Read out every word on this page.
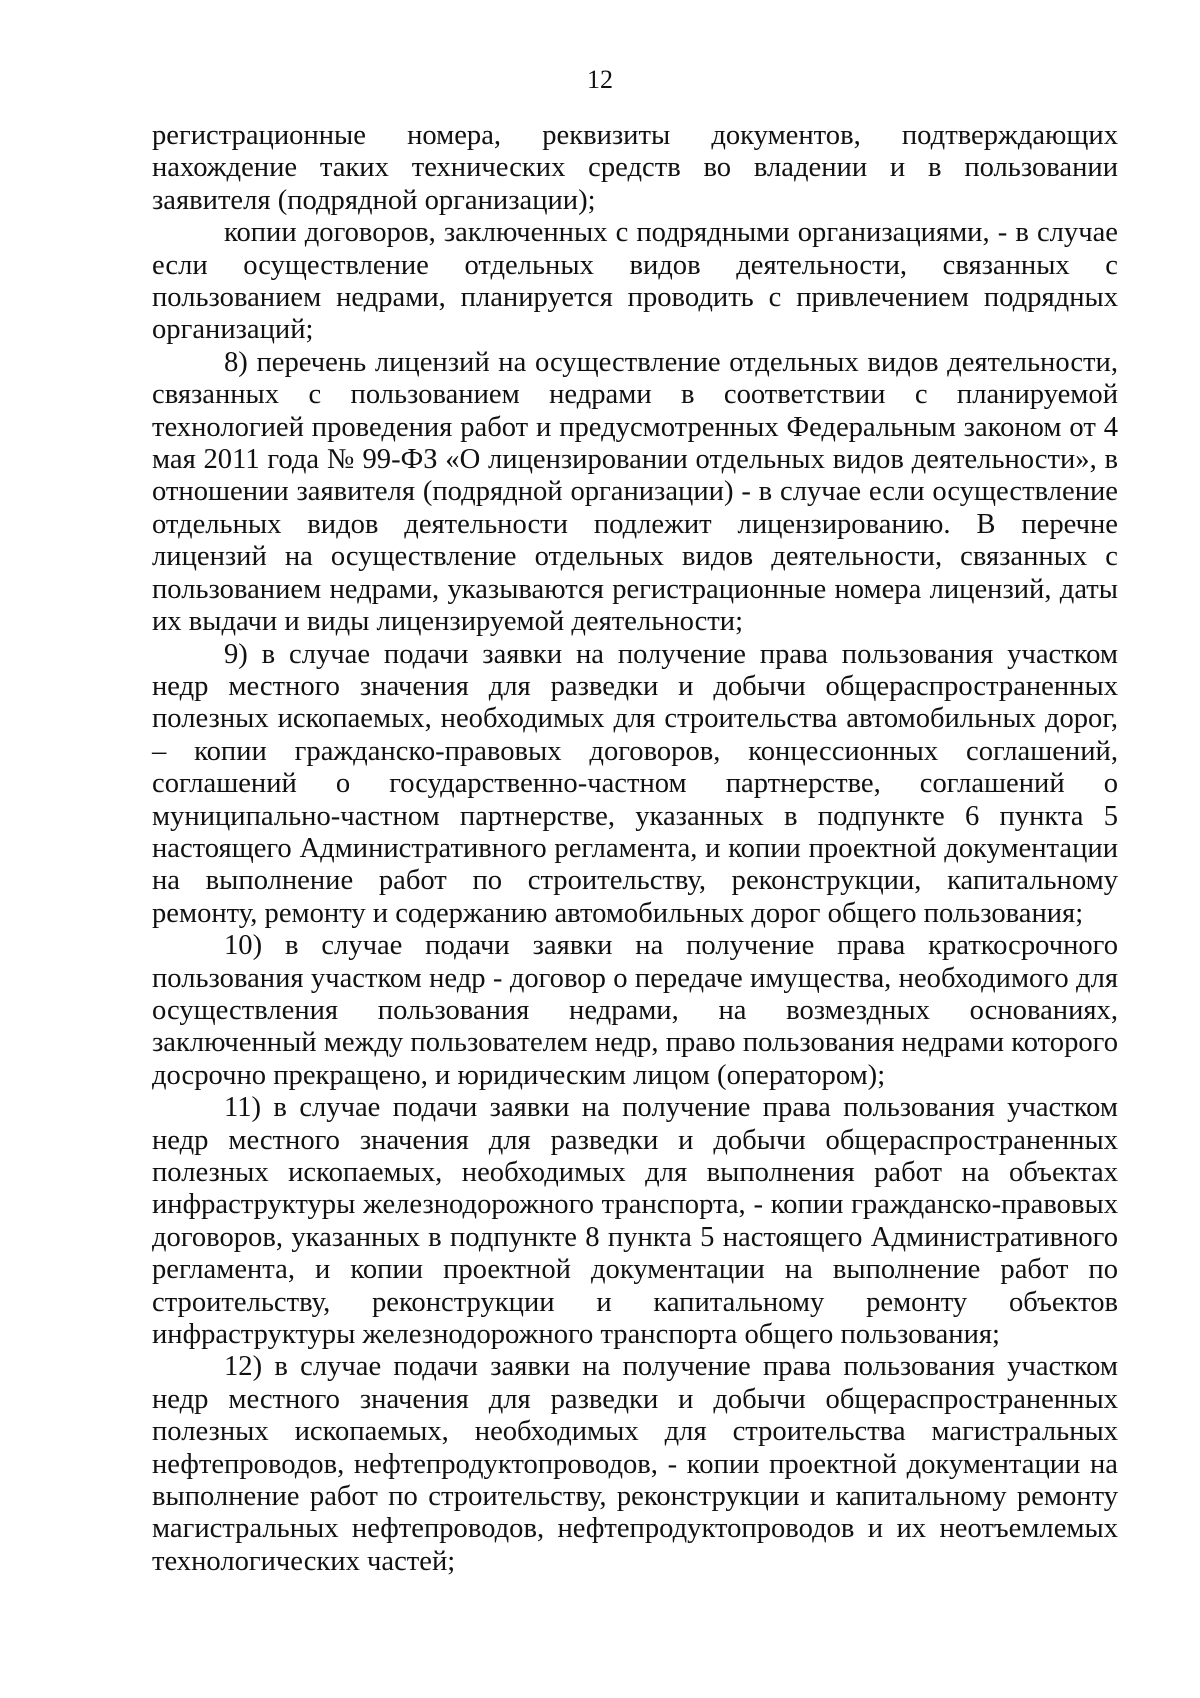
12

регистрационные номера, реквизиты документов, подтверждающих нахождение таких технических средств во владении и в пользовании заявителя (подрядной организации);

копии договоров, заключенных с подрядными организациями, - в случае если осуществление отдельных видов деятельности, связанных с пользованием недрами, планируется проводить с привлечением подрядных организаций;

8) перечень лицензий на осуществление отдельных видов деятельности, связанных с пользованием недрами в соответствии с планируемой технологией проведения работ и предусмотренных Федеральным законом от 4 мая 2011 года № 99-ФЗ «О лицензировании отдельных видов деятельности», в отношении заявителя (подрядной организации) - в случае если осуществление отдельных видов деятельности подлежит лицензированию. В перечне лицензий на осуществление отдельных видов деятельности, связанных с пользованием недрами, указываются регистрационные номера лицензий, даты их выдачи и виды лицензируемой деятельности;

9) в случае подачи заявки на получение права пользования участком недр местного значения для разведки и добычи общераспространенных полезных ископаемых, необходимых для строительства автомобильных дорог, – копии гражданско-правовых договоров, концессионных соглашений, соглашений о государственно-частном партнерстве, соглашений о муниципально-частном партнерстве, указанных в подпункте 6 пункта 5 настоящего Административного регламента, и копии проектной документации на выполнение работ по строительству, реконструкции, капитальному ремонту, ремонту и содержанию автомобильных дорог общего пользования;

10) в случае подачи заявки на получение права краткосрочного пользования участком недр - договор о передаче имущества, необходимого для осуществления пользования недрами, на возмездных основаниях, заключенный между пользователем недр, право пользования недрами которого досрочно прекращено, и юридическим лицом (оператором);

11) в случае подачи заявки на получение права пользования участком недр местного значения для разведки и добычи общераспространенных полезных ископаемых, необходимых для выполнения работ на объектах инфраструктуры железнодорожного транспорта, - копии гражданско-правовых договоров, указанных в подпункте 8 пункта 5 настоящего Административного регламента, и копии проектной документации на выполнение работ по строительству, реконструкции и капитальному ремонту объектов инфраструктуры железнодорожного транспорта общего пользования;

12) в случае подачи заявки на получение права пользования участком недр местного значения для разведки и добычи общераспространенных полезных ископаемых, необходимых для строительства магистральных нефтепроводов, нефтепродуктопроводов, - копии проектной документации на выполнение работ по строительству, реконструкции и капитальному ремонту магистральных нефтепроводов, нефтепродуктопроводов и их неотъемлемых технологических частей;
